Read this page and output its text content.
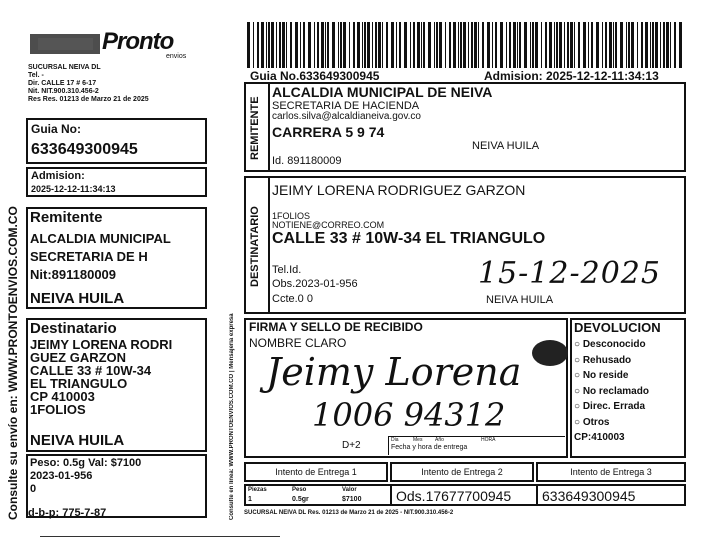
Consulte su envío en: WWW.PRONTOENVIOS.COM.CO
Pronto
envios
SUCURSAL NEIVA DL
Tel. -
Dir. CALLE 17 # 6-17
Nit. NIT.900.310.456-2
Res Res. 01213 de Marzo 21 de 2025
Guia No:
633649300945
Admision:
2025-12-12-11:34:13
Remitente
ALCALDIA MUNICIPAL
SECRETARIA DE H
Nit:891180009
NEIVA HUILA
Destinatario
JEIMY LORENA RODRI
GUEZ GARZON
CALLE 33 # 10W-34
EL TRIANGULO
CP 410003
1FOLIOS
NEIVA HUILA
Peso: 0.5g Val: $7100
2023-01-956
0
d-b-p: 775-7-87
Guia No.633649300945	Admision: 2025-12-12-11:34:13
REMITENTE
ALCALDIA MUNICIPAL DE NEIVA
SECRETARIA DE HACIENDA
carlos.silva@alcaldianeiva.gov.co
CARRERA 5 9 74
NEIVA HUILA
Id. 891180009
DESTINATARIO
JEIMY LORENA RODRIGUEZ GARZON
1FOLIOS
NOTIENE@CORREO.COM
CALLE 33 # 10W-34 EL TRIANGULO
Tel.Id.
Obs.2023-01-956
Ccte.0 0
15-12-2025
NEIVA HUILA
Consulte en línea: WWW.PRONTOENVIOS.COM.CO | Mensajería expresa FIRMA Y SELLO DE RECIBIDO
NOMBRE CLARO
Jeimy Lorena
1006 94312
D+2	Dia	Mes	Año	HORA
Fecha y hora de entrega
DEVOLUCION
○ Desconocido
○ Rehusado
○ No reside
○ No reclamado
○ Direc. Errada
○ Otros
CP:410003
Intento de Entrega 1	Intento de Entrega 2	Intento de Entrega 3
Piezas
1
Peso
0.5gr
Valor
$7100 Ods.17677700945 633649300945
SUCURSAL NEIVA DL Res. 01213 de Marzo 21 de 2025 - NIT.900.310.456-2
